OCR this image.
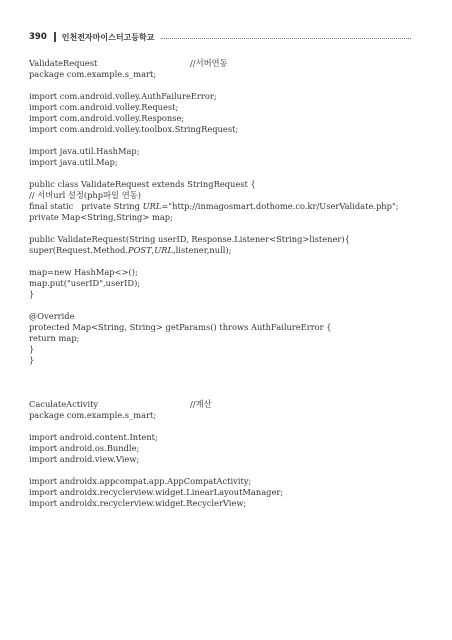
390 인천전자마이스터고등학교
ValidateRequest	//서버연동
package com.example.s_mart;
import com.android.volley.AuthFailureError;
import com.android.volley.Request;
import com.android.volley.Response;
import com.android.volley.toolbox.StringRequest;
import java.util.HashMap;
import java.util.Map;
public class ValidateRequest extends StringRequest {
// 서버url 설정(php파일 연동)
final static   private String URL="http://inmagosmart.dothome.co.kr/UserValidate.php";
private Map<String,String> map;
public ValidateRequest(String userID, Response.Listener<String>listener){
super(Request.Method.POST,URL,listener,null);
map=new HashMap<>();
map.put("userID",userID);
}
@Override
protected Map<String, String> getParams() throws AuthFailureError {
return map;
}
}
CaculateActivity	//계산
package com.example.s_mart;
import android.content.Intent;
import android.os.Bundle;
import android.view.View;
import androidx.appcompat.app.AppCompatActivity;
import androidx.recyclerview.widget.LinearLayoutManager;
import androidx.recyclerview.widget.RecyclerView;
